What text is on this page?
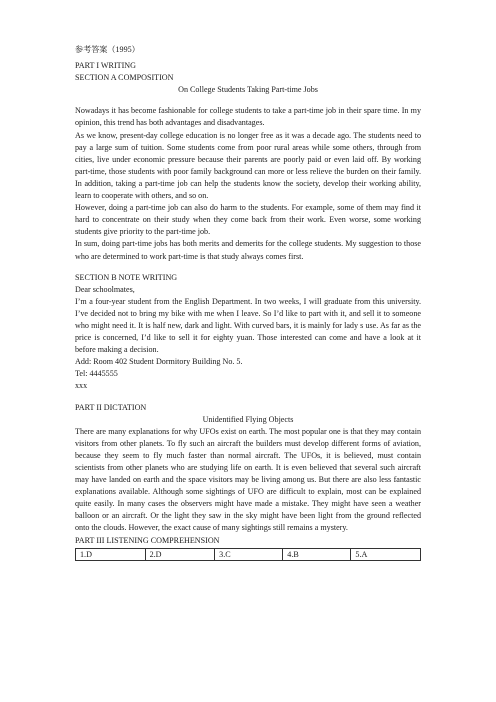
参考答案（1995）
PART I WRITING
SECTION A COMPOSITION
On College Students Taking Part-time Jobs
Nowadays it has become fashionable for college students to take a part-time job in their spare time. In my opinion, this trend has both advantages and disadvantages.
As we know, present-day college education is no longer free as it was a decade ago. The students need to pay a large sum of tuition. Some students come from poor rural areas while some others, through from cities, live under economic pressure because their parents are poorly paid or even laid off. By working part-time, those students with poor family background can more or less relieve the burden on their family. In addition, taking a part-time job can help the students know the society, develop their working ability, learn to cooperate with others, and so on.
However, doing a part-time job can also do harm to the students. For example, some of them may find it hard to concentrate on their study when they come back from their work. Even worse, some working students give priority to the part-time job.
In sum, doing part-time jobs has both merits and demerits for the college students. My suggestion to those who are determined to work part-time is that study always comes first.
SECTION B NOTE WRITING
Dear schoolmates,
I’m a four-year student from the English Department. In two weeks, I will graduate from this university. I’ve decided not to bring my bike with me when I leave. So I’d like to part with it, and sell it to someone who might need it. It is half new, dark and light. With curved bars, it is mainly for lady s use. As far as the price is concerned, I’d like to sell it for eighty yuan. Those interested can come and have a look at it before making a decision.
Add: Room 402 Student Dormitory Building No. 5.
Tel: 4445555
xxx
PART II DICTATION
Unidentified Flying Objects
There are many explanations for why UFOs exist on earth. The most popular one is that they may contain visitors from other planets. To fly such an aircraft the builders must develop different forms of aviation, because they seem to fly much faster than normal aircraft. The UFOs, it is believed, must contain scientists from other planets who are studying life on earth. It is even believed that several such aircraft may have landed on earth and the space visitors may be living among us. But there are also less fantastic explanations available. Although some sightings of UFO are difficult to explain, most can be explained quite easily. In many cases the observers might have made a mistake. They might have seen a weather balloon or an aircraft. Or the light they saw in the sky might have been light from the ground reflected onto the clouds. However, the exact cause of many sightings still remains a mystery.
PART III LISTENING COMPREHENSION
1.D	2.D	3.C	4.B	5.A
